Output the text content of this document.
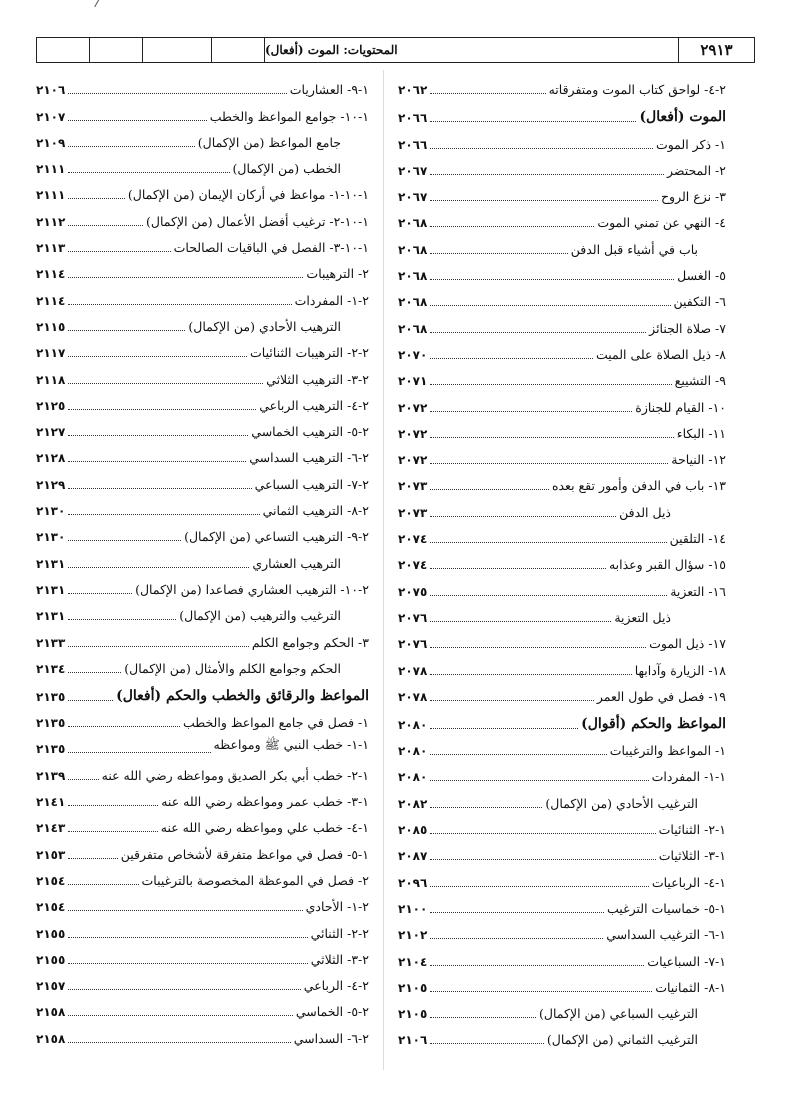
المحتويات: الموت (أفعال)	٢٩١٣
٢-٤- لواحق كتاب الموت ومتفرقاته
٢٠٦٢
الموت (أفعال)
٢٠٦٦
١- ذكر الموت
٢٠٦٦
٢- المحتضر
٢٠٦٧
٣- نزع الروح
٢٠٦٧
٤- النهي عن تمني الموت
٢٠٦٨
باب في أشياء قبل الدفن
٢٠٦٨
٥- الغسل
٢٠٦٨
٦- التكفين
٢٠٦٨
٧- صلاة الجنائز
٢٠٦٨
٨- ذيل الصلاة على الميت
٢٠٧٠
٩- التشييع
٢٠٧١
١٠- القيام للجنازة
٢٠٧٢
١١- البكاء
٢٠٧٢
١٢- النياحة
٢٠٧٢
١٣- باب في الدفن وأمور تقع بعده
٢٠٧٣
ذيل الدفن
٢٠٧٣
١٤- التلقين
٢٠٧٤
١٥- سؤال القبر وعذابه
٢٠٧٤
١٦- التعزية
٢٠٧٥
ذيل التعزية
٢٠٧٦
١٧- ذيل الموت
٢٠٧٦
١٨- الزيارة وآدابها
٢٠٧٨
١٩- فصل في طول العمر
٢٠٧٨
المواعظ والحكم (أقوال)
٢٠٨٠
١- المواعظ والترغيبات
٢٠٨٠
١-١- المفردات
٢٠٨٠
الترغيب الأحادي (من الإكمال)
٢٠٨٢
١-٢- الثنائيات
٢٠٨٥
١-٣- الثلاثيات
٢٠٨٧
١-٤- الرباعيات
٢٠٩٦
١-٥- خماسيات الترغيب
٢١٠٠
١-٦- الترغيب السداسي
٢١٠٢
١-٧- السباعيات
٢١٠٤
١-٨- الثمانيات
٢١٠٥
الترغيب السباعي (من الإكمال)
٢١٠٥
الترغيب الثماني (من الإكمال)
٢١٠٦
١-٩- العشاريات
٢١٠٦
١-١٠- جوامع المواعظ والخطب
٢١٠٧
جامع المواعظ (من الإكمال)
٢١٠٩
الخطب (من الإكمال)
٢١١١
١-١٠-١- مواعظ في أركان الإيمان (من الإكمال)
٢١١١
١-١٠-٢- ترغيب أفضل الأعمال (من الإكمال)
٢١١٢
١-١٠-٣- الفصل في الباقيات الصالحات
٢١١٣
٢- الترهيبات
٢١١٤
٢-١- المفردات
٢١١٤
الترهيب الأحادي (من الإكمال)
٢١١٥
٢-٢- الترهيبات الثنائيات
٢١١٧
٢-٣- الترهيب الثلاثي
٢١١٨
٢-٤- الترهيب الرباعي
٢١٢٥
٢-٥- الترهيب الخماسي
٢١٢٧
٢-٦- الترهيب السداسي
٢١٢٨
٢-٧- الترهيب السباعي
٢١٢٩
٢-٨- الترهيب الثماني
٢١٣٠
٢-٩- الترهيب التساعي (من الإكمال)
٢١٣٠
الترهيب العشاري
٢١٣١
٢-١٠- الترهيب العشاري فصاعدا (من الإكمال)
٢١٣١
الترغيب والترهيب (من الإكمال)
٢١٣١
٣- الحكم وجوامع الكلم
٢١٣٣
الحكم وجوامع الكلم والأمثال (من الإكمال)
٢١٣٤
المواعظ والرقائق والخطب والحكم (أفعال)
٢١٣٥
١- فصل في جامع المواعظ والخطب
٢١٣٥
١-١- خطب النبي ﷺ ومواعظه
٢١٣٥
١-٢- خطب أبي بكر الصديق ومواعظه رضي الله عنه
٢١٣٩
١-٣- خطب عمر ومواعظه رضي الله عنه
٢١٤١
١-٤- خطب علي ومواعظه رضي الله عنه
٢١٤٣
١-٥- فصل في مواعظ متفرقة لأشخاص متفرقين
٢١٥٣
٢- فصل في الموعظة المخصوصة بالترغيبات
٢١٥٤
٢-١- الأحادي
٢١٥٤
٢-٢- الثنائي
٢١٥٥
٢-٣- الثلاثي
٢١٥٥
٢-٤- الرباعي
٢١٥٧
٢-٥- الخماسي
٢١٥٨
٢-٦- السداسي
٢١٥٨
